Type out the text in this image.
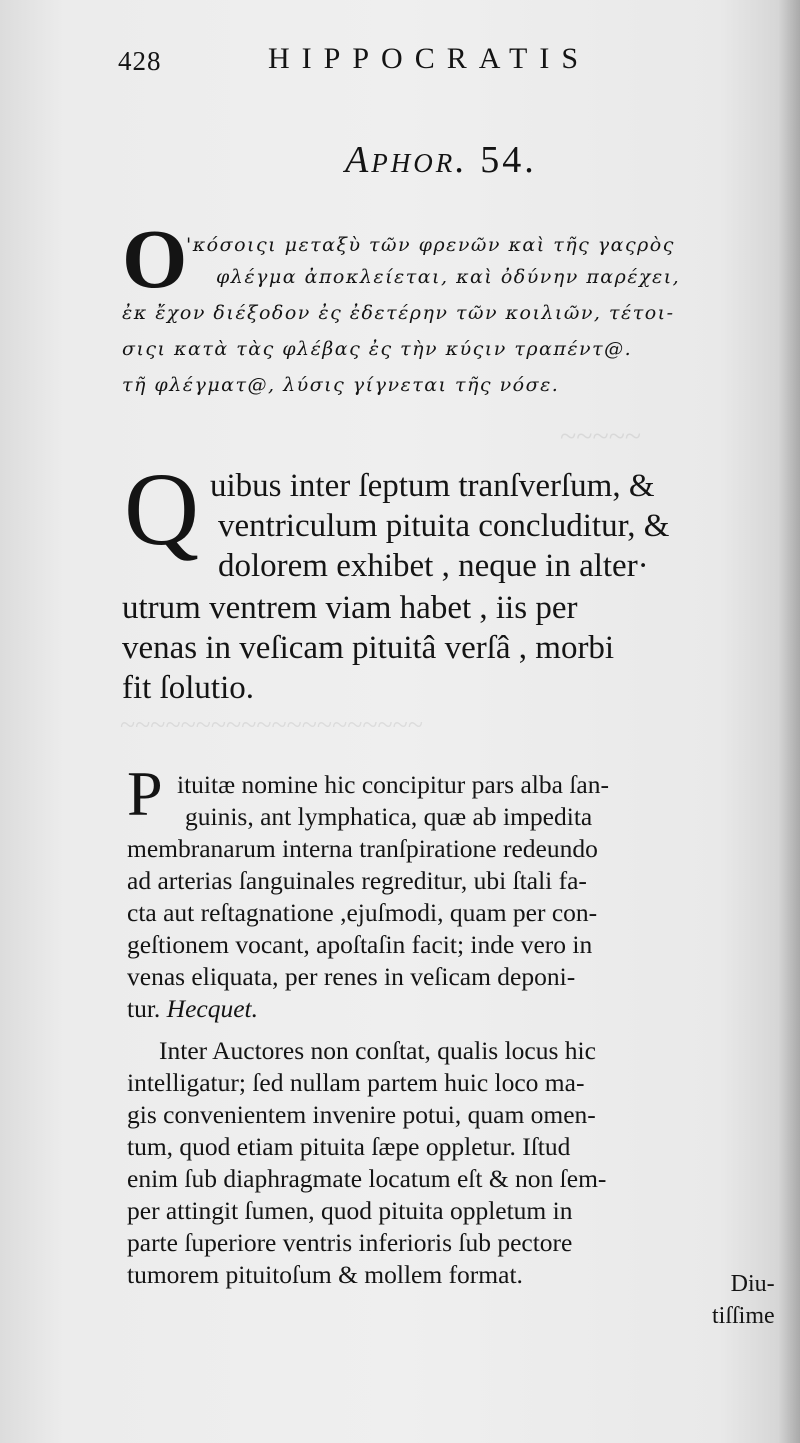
~~~~~
~~~~~~~~~~~~~~~~~~~~
428	HIPPOCRATIS
Aphor. 54.
O
'κόσοιςι μεταξὺ τῶν φρενῶν καὶ τῆς γαςρὸς
φλέγμα ἀποκλείεται, καὶ ὀδύνην παρέχει,
ἐκ ἔχον διέξοδον ἐς ἐδετέρην τῶν κοιλιῶν, τέτοι-
σιςι κατὰ τὰς φλέβας ἐς τὴν κύςιν τραπέντ@.
τῆ φλέγματ@, λύσις γίγνεται τῆς νόσε.
Q uibus inter ſeptum tranſverſum, &
ventriculum pituita concluditur, &
dolorem exhibet , neque in alter·
utrum ventrem viam habet , iis per
venas in veſicam pituitâ verſâ , morbi
fit ſolutio.
P ituitæ nomine hic concipitur pars alba ſan-
guinis, ant lymphatica, quæ ab impedita
membranarum interna tranſpiratione redeundo
ad arterias ſanguinales regreditur, ubi ſtali fa-
cta aut reſtagnatione ,ejuſmodi, quam per con-
geſtionem vocant, apoſtaſin facit; inde vero in
venas eliquata, per renes in veſicam deponi-
tur. Hecquet.
Inter Auctores non conſtat, qualis locus hic
intelligatur; ſed nullam partem huic loco ma-
gis convenientem invenire potui, quam omen-
tum, quod etiam pituita ſæpe oppletur. Iſtud
enim ſub diaphragmate locatum eſt & non ſem-
per attingit ſumen, quod pituita oppletum in
parte ſuperiore ventris inferioris ſub pectore
tumorem pituitoſum & mollem format.	Diu-
tiſſime
